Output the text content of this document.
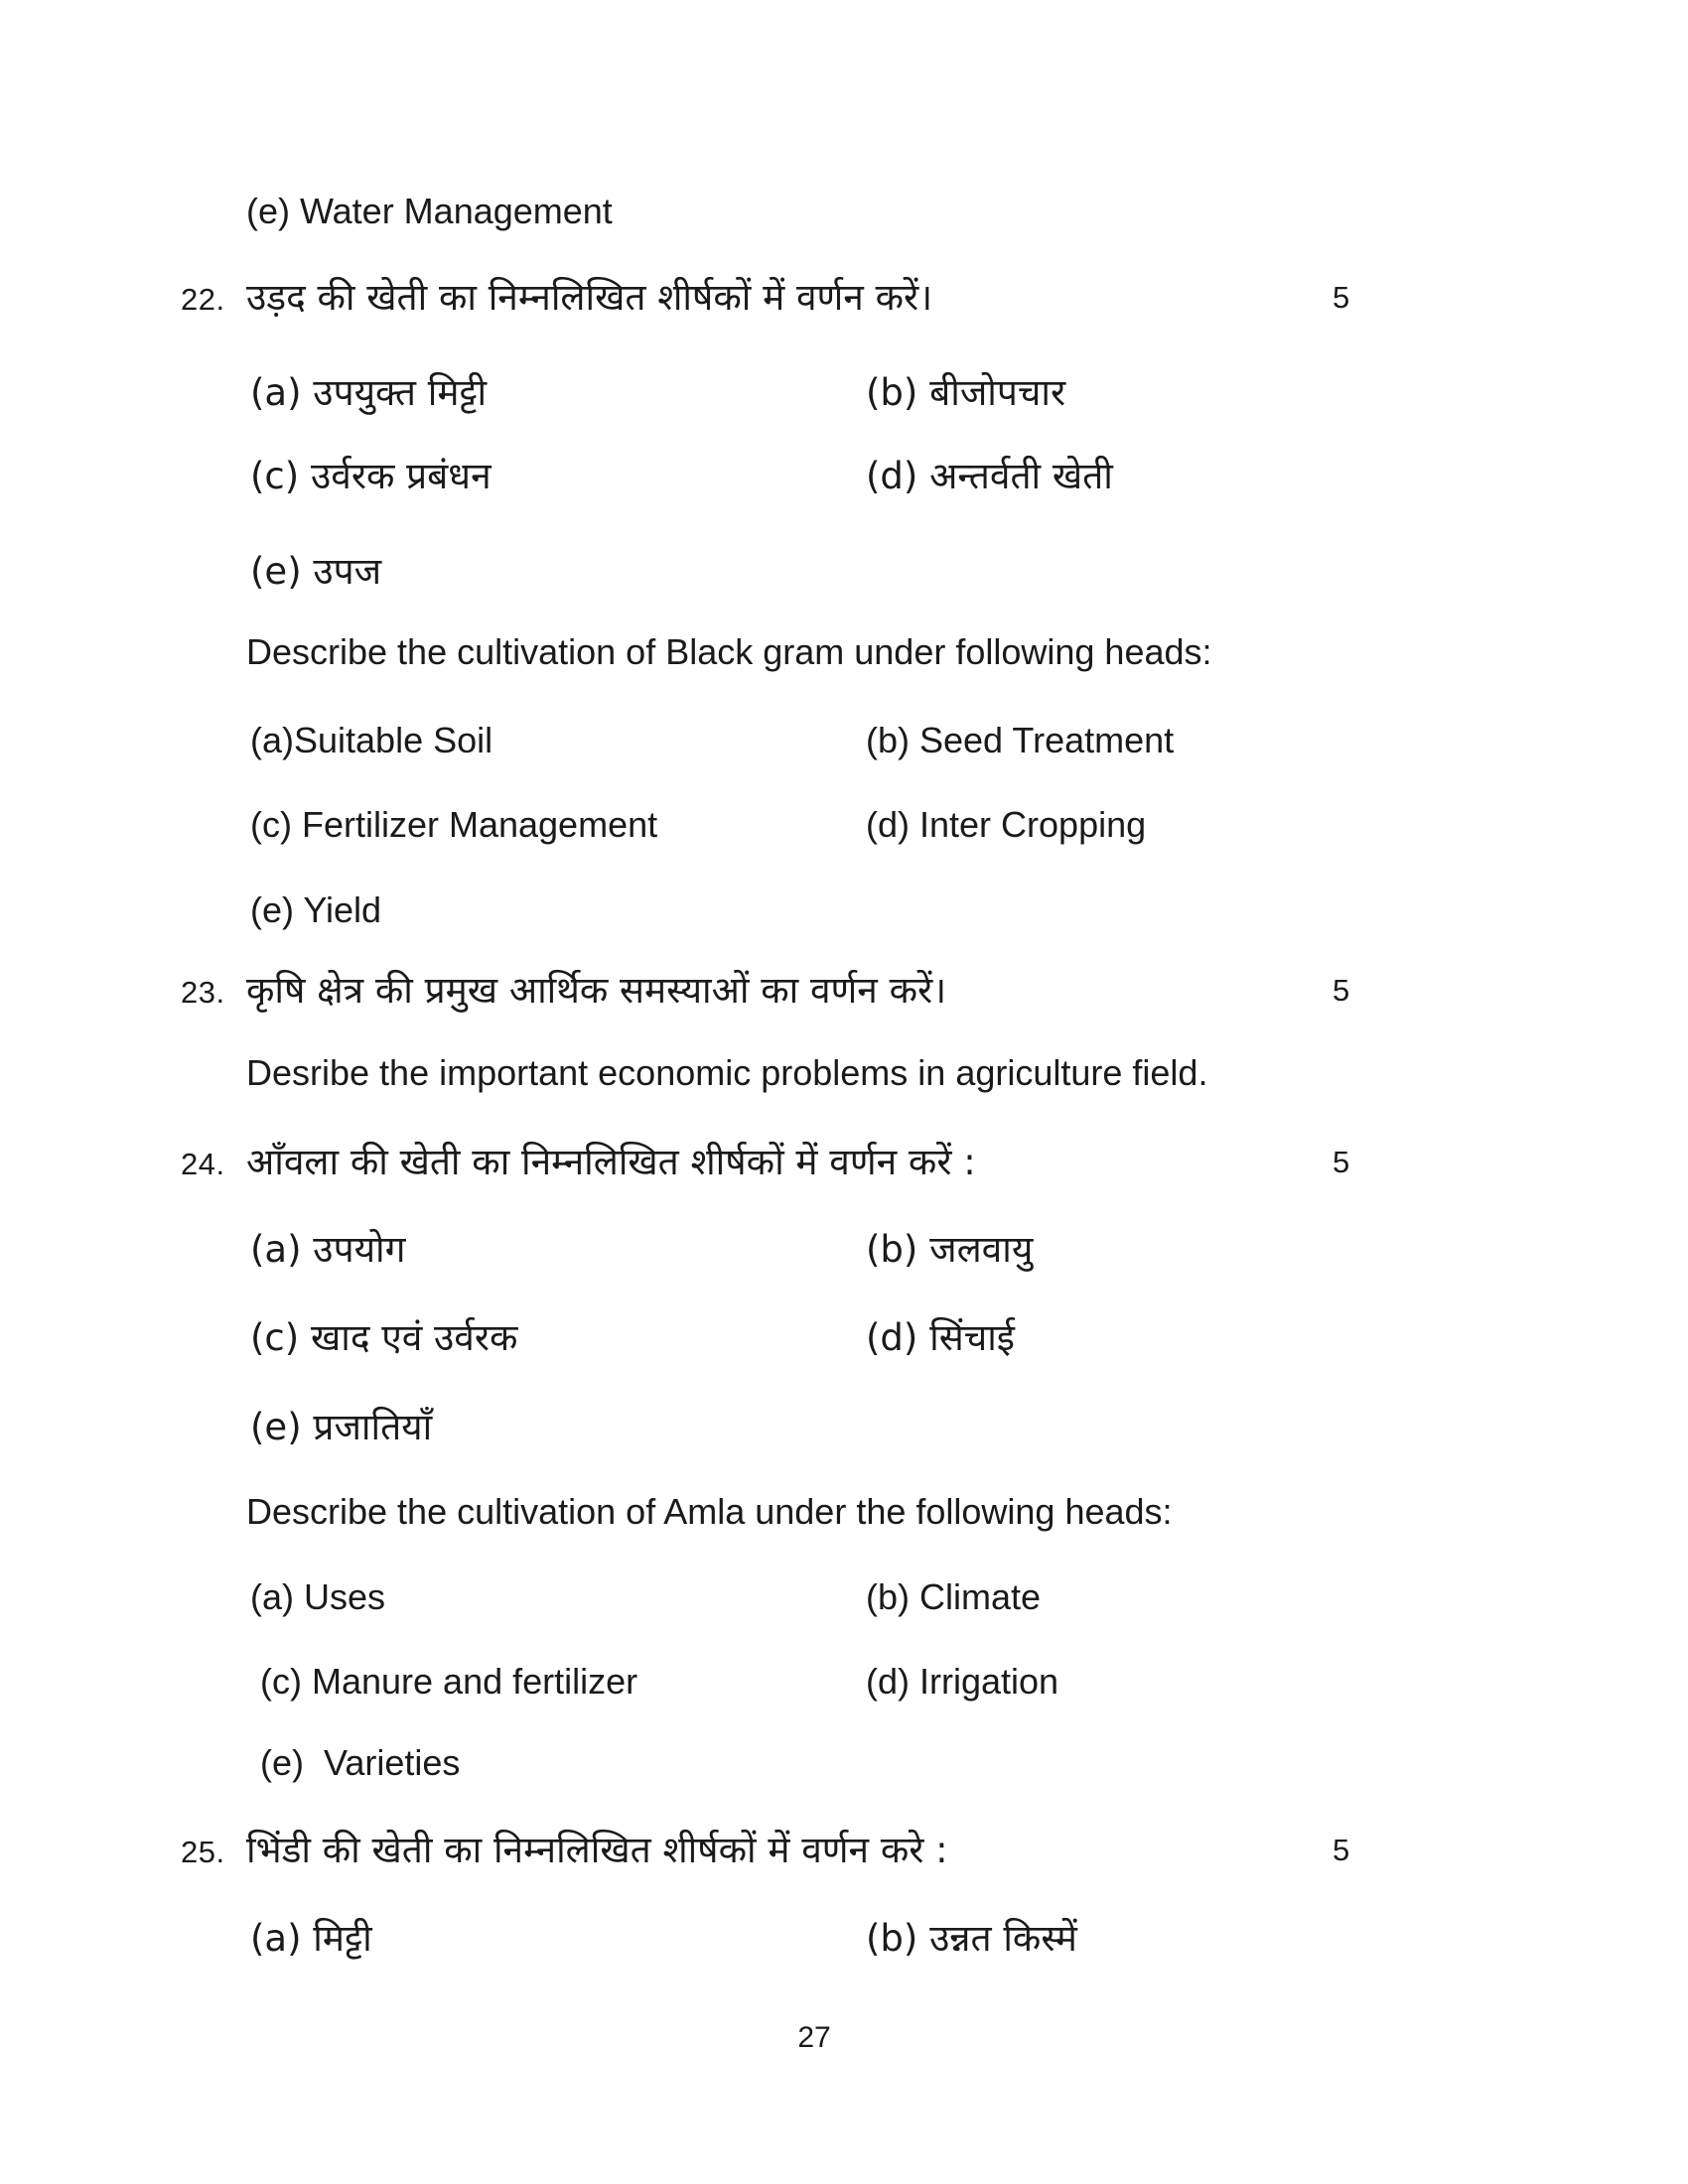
(e) Water Management
22. उड़द की खेती का निम्नलिखित शीर्षकों में वर्णन करें।	5
(a) उपयुक्त मिट्टी	(b) बीजोपचार
(c) उर्वरक प्रबंधन	(d) अन्तर्वती खेती
(e) उपज
Describe the cultivation of Black gram under following heads:
(a)Suitable Soil	(b) Seed Treatment
(c) Fertilizer Management	(d) Inter Cropping
(e) Yield
23. कृषि क्षेत्र की प्रमुख आर्थिक समस्याओं का वर्णन करें।	5
Desribe the important economic problems in agriculture field.
24. आँवला की खेती का निम्नलिखित शीर्षकों में वर्णन करें :	5
(a) उपयोग	(b) जलवायु
(c) खाद एवं उर्वरक	(d) सिंचाई
(e) प्रजातियाँ
Describe the cultivation of Amla under the following heads:
(a) Uses	(b) Climate
(c) Manure and fertilizer	(d) Irrigation
(e)  Varieties
25. भिंडी की खेती का निम्नलिखित शीर्षकों में वर्णन करे :	5
(a) मिट्टी	(b) उन्नत किस्में
27
